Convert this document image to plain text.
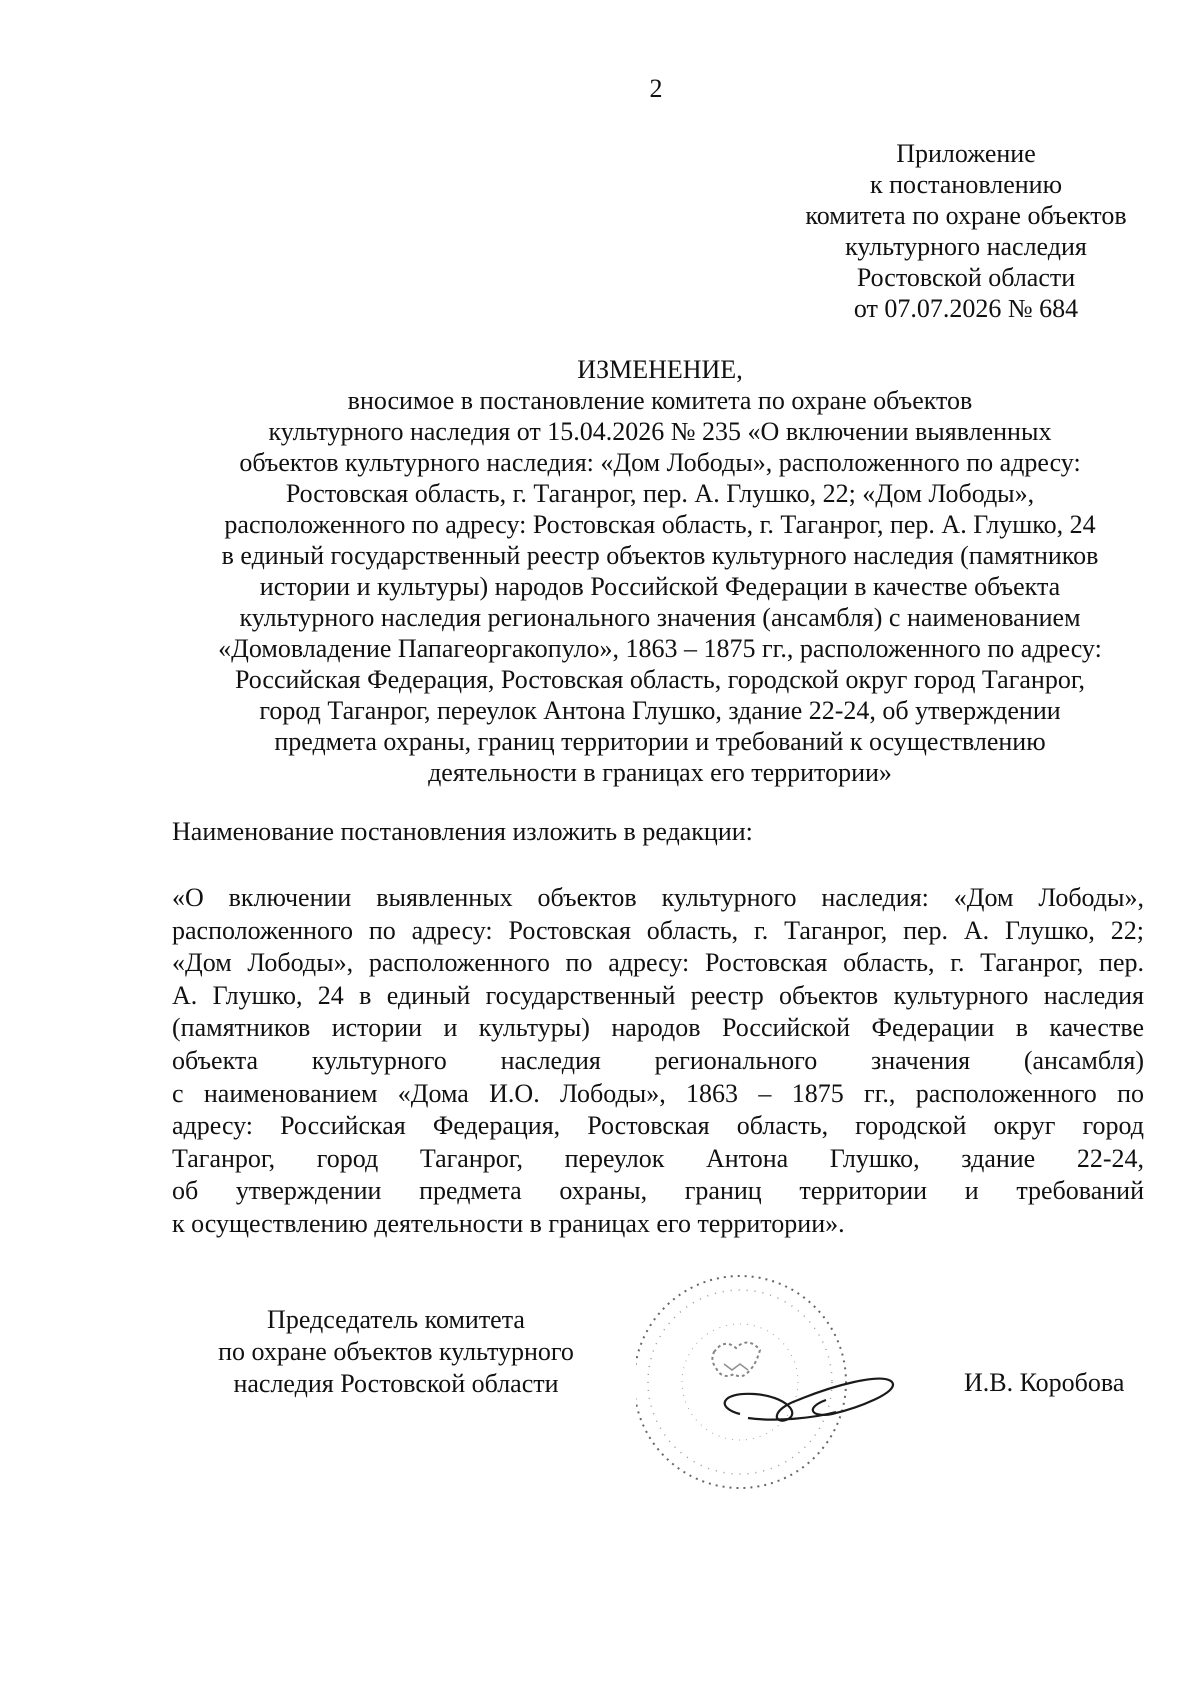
2
Приложение
к постановлению
комитета по охране объектов
культурного наследия
Ростовской области
от 07.07.2026 № 684
ИЗМЕНЕНИЕ,
вносимое в постановление комитета по охране объектов
культурного наследия от 15.04.2026 № 235 «О включении выявленных
объектов культурного наследия: «Дом Лободы», расположенного по адресу:
Ростовская область, г. Таганрог, пер. А. Глушко, 22; «Дом Лободы»,
расположенного по адресу: Ростовская область, г. Таганрог, пер. А. Глушко, 24
в единый государственный реестр объектов культурного наследия (памятников
истории и культуры) народов Российской Федерации в качестве объекта
культурного наследия регионального значения (ансамбля) с наименованием
«Домовладение Папагеоргакопуло», 1863 – 1875 гг., расположенного по адресу:
Российская Федерация, Ростовская область, городской округ город Таганрог,
город Таганрог, переулок Антона Глушко, здание 22-24, об утверждении
предмета охраны, границ территории и требований к осуществлению
деятельности в границах его территории»
Наименование постановления изложить в редакции:
«О включении выявленных объектов культурного наследия: «Дом Лободы»,
расположенного по адресу: Ростовская область, г. Таганрог, пер. А. Глушко, 22;
«Дом Лободы», расположенного по адресу: Ростовская область, г. Таганрог, пер.
А. Глушко, 24 в единый государственный реестр объектов культурного наследия
(памятников истории и культуры) народов Российской Федерации в качестве
объекта культурного наследия регионального значения (ансамбля)
с наименованием «Дома И.О. Лободы», 1863 – 1875 гг., расположенного по
адресу: Российская Федерация, Ростовская область, городской округ город
Таганрог, город Таганрог, переулок Антона Глушко, здание 22-24,
об утверждении предмета охраны, границ территории и требований
к осуществлению деятельности в границах его территории».
Председатель комитета
по охране объектов культурного
наследия Ростовской области	И.В. Коробова
